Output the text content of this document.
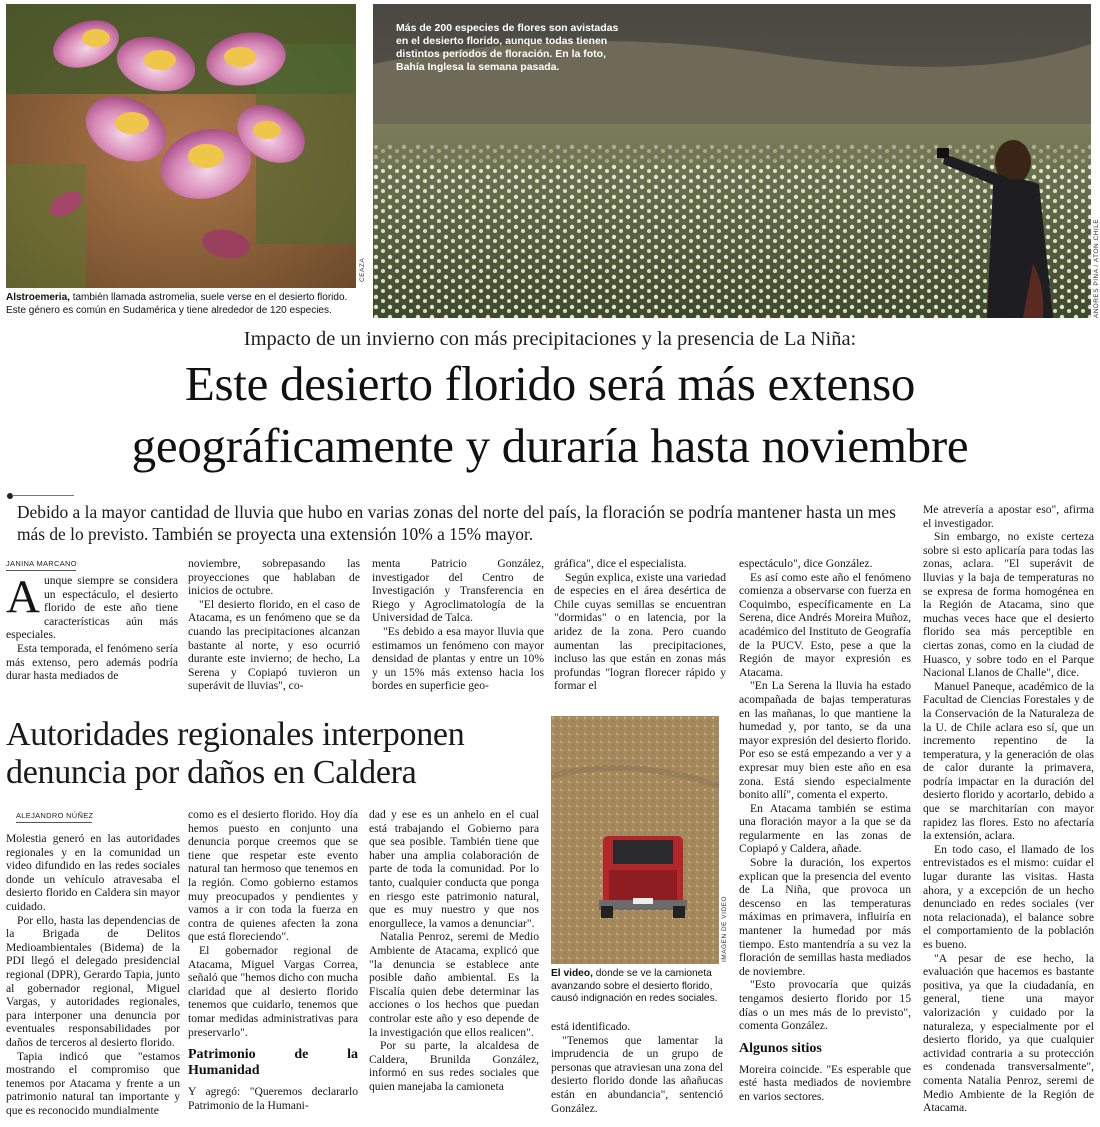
CEAZA
Alstroemeria, también llamada astromelia, suele verse en el desierto florido. Este género es común en Sudamérica y tiene alrededor de 120 especies.
Más de 200 especies de flores son avistadas en el desierto florido, aunque todas tienen distintos períodos de floración. En la foto, Bahía Inglesa la semana pasada.
ANDRES PINA / ATON CHILE
Impacto de un invierno con más precipitaciones y la presencia de La Niña:
Este desierto florido será más extenso
geográficamente y duraría hasta noviembre
Debido a la mayor cantidad de lluvia que hubo en varias zonas del norte del país, la floración se podría mantener hasta un mes más de lo previsto. También se proyecta una extensión 10% a 15% mayor.
JANINA MARCANO

Aunque siempre se considera un espectáculo, el desierto florido de este año tiene características aún más especiales.

Esta temporada, el fenómeno sería más extenso, pero además podría durar hasta mediados de

noviembre, sobrepasando las proyecciones que hablaban de inicios de octubre.

"El desierto florido, en el caso de Atacama, es un fenómeno que se da cuando las precipitaciones alcanzan bastante al norte, y eso ocurrió durante este invierno; de hecho, La Serena y Copiapó tuvieron un superávit de lluvias", co-

menta Patricio González, investigador del Centro de Investigación y Transferencia en Riego y Agroclimatología de la Universidad de Talca.

"Es debido a esa mayor lluvia que estimamos un fenómeno con mayor densidad de plantas y entre un 10% y un 15% más extenso hacia los bordes en superficie geo-

gráfica", dice el especialista.

Según explica, existe una variedad de especies en el área desértica de Chile cuyas semillas se encuentran "dormidas" o en latencia, por la aridez de la zona. Pero cuando aumentan las precipitaciones, incluso las que están en zonas más profundas "logran florecer rápido y formar el

espectáculo", dice González.

Es así como este año el fenómeno comienza a observarse con fuerza en Coquimbo, específicamente en La Serena, dice Andrés Moreira Muñoz, académico del Instituto de Geografía de la PUCV. Esto, pese a que la Región de mayor expresión es Atacama.

"En La Serena la lluvia ha estado acompañada de bajas temperaturas en las mañanas, lo que mantiene la humedad y, por tanto, se da una mayor expresión del desierto florido. Por eso se está empezando a ver y a expresar muy bien este año en esa zona. Está siendo especialmente bonito allí", comenta el experto.

En Atacama también se estima una floración mayor a la que se da regularmente en las zonas de Copiapó y Caldera, añade.

Sobre la duración, los expertos explican que la presencia del evento de La Niña, que provoca un descenso en las temperaturas máximas en primavera, influiría en mantener la humedad por más tiempo. Esto mantendría a su vez la floración de semillas hasta mediados de noviembre.

"Esto provocaría que quizás tengamos desierto florido por 15 días o un mes más de lo previsto", comenta González.

Algunos sitios

Moreira coincide. "Es esperable que esté hasta mediados de noviembre en varios sectores.

Me atrevería a apostar eso", afirma el investigador.

Sin embargo, no existe certeza sobre si esto aplicaría para todas las zonas, aclara. "El superávit de lluvias y la baja de temperaturas no se expresa de forma homogénea en la Región de Atacama, sino que muchas veces hace que el desierto florido sea más perceptible en ciertas zonas, como en la ciudad de Huasco, y sobre todo en el Parque Nacional Llanos de Challe", dice.

Manuel Paneque, académico de la Facultad de Ciencias Forestales y de la Conservación de la Naturaleza de la U. de Chile aclara eso sí, que un incremento repentino de la temperatura, y la generación de olas de calor durante la primavera, podría impactar en la duración del desierto florido y acortarlo, debido a que se marchitarían con mayor rapidez las flores. Esto no afectaría la extensión, aclara.

En todo caso, el llamado de los entrevistados es el mismo: cuidar el lugar durante las visitas. Hasta ahora, y a excepción de un hecho denunciado en redes sociales (ver nota relacionada), el balance sobre el comportamiento de la población es bueno.

"A pesar de ese hecho, la evaluación que hacemos es bastante positiva, ya que la ciudadanía, en general, tiene una mayor valorización y cuidado por la naturaleza, y especialmente por el desierto florido, ya que cualquier actividad contraria a su protección es condenada transversalmente", comenta Natalia Penroz, seremi de Medio Ambiente de la Región de Atacama.

Autoridades regionales interponen
denuncia por daños en Caldera
ALEJANDRO NÚÑEZ

Molestia generó en las autoridades regionales y en la comunidad un video difundido en las redes sociales donde un vehículo atravesaba el desierto florido en Caldera sin mayor cuidado.

Por ello, hasta las dependencias de la Brigada de Delitos Medioambientales (Bidema) de la PDI llegó el delegado presidencial regional (DPR), Gerardo Tapia, junto al gobernador regional, Miguel Vargas, y autoridades regionales, para interponer una denuncia por eventuales responsabilidades por daños de terceros al desierto florido.

Tapia indicó que "estamos mostrando el compromiso que tenemos por Atacama y frente a un patrimonio natural tan importante y que es reconocido mundialmente

como es el desierto florido. Hoy día hemos puesto en conjunto una denuncia porque creemos que se tiene que respetar este evento natural tan hermoso que tenemos en la región. Como gobierno estamos muy preocupados y pendientes y vamos a ir con toda la fuerza en contra de quienes afecten la zona que está floreciendo".

El gobernador regional de Atacama, Miguel Vargas Correa, señaló que "hemos dicho con mucha claridad que al desierto florido tenemos que cuidarlo, tenemos que tomar medidas administrativas para preservarlo".

Patrimonio de la Humanidad

Y agregó: "Queremos declararlo Patrimonio de la Humani-

dad y ese es un anhelo en el cual está trabajando el Gobierno para que sea posible. También tiene que haber una amplia colaboración de parte de toda la comunidad. Por lo tanto, cualquier conducta que ponga en riesgo este patrimonio natural, que es muy nuestro y que nos enorgullece, la vamos a denunciar".

Natalia Penroz, seremi de Medio Ambiente de Atacama, explicó que "la denuncia se establece ante posible daño ambiental. Es la Fiscalía quien debe determinar las acciones o los hechos que puedan controlar este año y eso depende de la investigación que ellos realicen".

Por su parte, la alcaldesa de Caldera, Brunilda González, informó en sus redes sociales que quien manejaba la camioneta

IMAGEN DE VIDEO
El video, donde se ve la camioneta avanzando sobre el desierto florido, causó indignación en redes sociales.

está identificado.

"Tenemos que lamentar la imprudencia de un grupo de personas que atraviesan una zona del desierto florido donde las añañucas están en abundancia", sentenció González.
